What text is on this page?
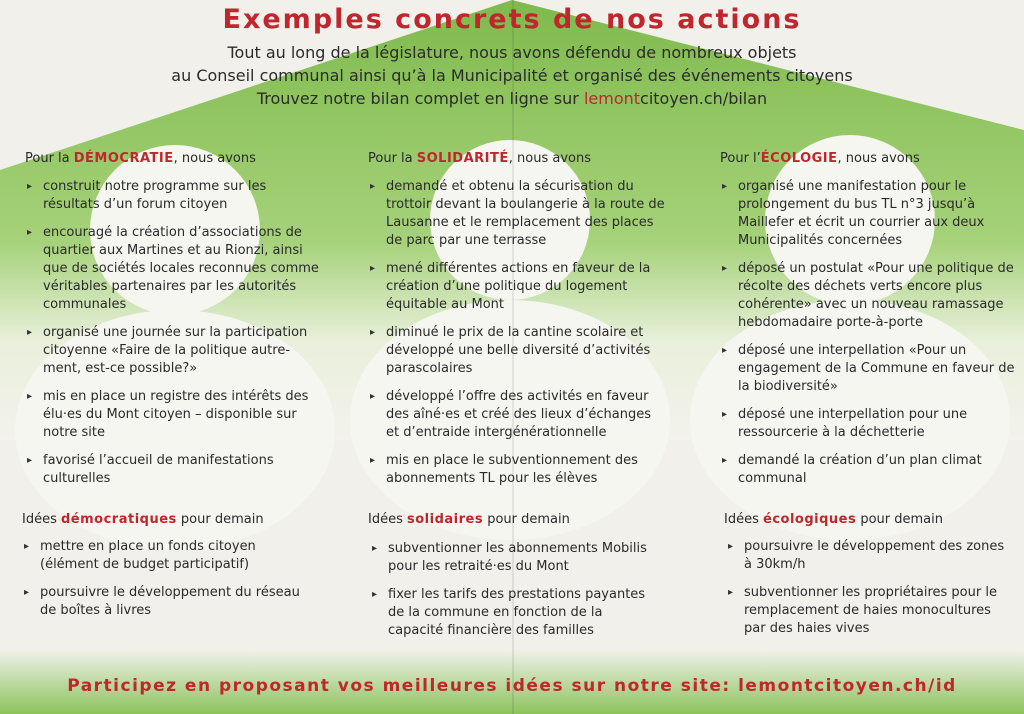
Exemples concrets de nos actions
Tout au long de la législature, nous avons défendu de nombreux objets
au Conseil communal ainsi qu’à la Municipalité et organisé des événements citoyens
Trouvez notre bilan complet en ligne sur lemontcitoyen.ch/bilan
Pour la DÉMOCRATIE, nous avons
▸ construit notre programme sur les résultats d’un forum citoyen
▸ encouragé la création d’associations de quartier aux Martines et au Rionzi, ainsi que de sociétés locales reconnues comme véritables partenaires par les autorités communales
▸ organisé une journée sur la participation citoyenne «Faire de la politique autre-ment, est-ce possible?»
▸ mis en place un registre des intérêts des élu·es du Mont citoyen – disponible sur notre site
▸ favorisé l’accueil de manifestations culturelles
Pour la SOLIDARITÉ, nous avons
▸ demandé et obtenu la sécurisation du trottoir devant la boulangerie à la route de Lausanne et le remplacement des places de parc par une terrasse
▸ mené différentes actions en faveur de la création d’une politique du logement équitable au Mont
▸ diminué le prix de la cantine scolaire et développé une belle diversité d’activités parascolaires
▸ développé l’offre des activités en faveur des aîné·es et créé des lieux d’échanges et d’entraide intergénérationnelle
▸ mis en place le subventionnement des abonnements TL pour les élèves
Pour l’ÉCOLOGIE, nous avons
▸ organisé une manifestation pour le prolongement du bus TL n°3 jusqu’à Maillefer et écrit un courrier aux deux Municipalités concernées
▸ déposé un postulat «Pour une politique de récolte des déchets verts encore plus cohérente» avec un nouveau ramassage hebdomadaire porte-à-porte
▸ déposé une interpellation «Pour un engagement de la Commune en faveur de la biodiversité»
▸ déposé une interpellation pour une ressourcerie à la déchetterie
▸ demandé la création d’un plan climat communal
Idées démocratiques pour demain	Idées solidaires pour demain	Idées écologiques pour demain
▸ mettre en place un fonds citoyen (élément de budget participatif)
▸ poursuivre le développement du réseau de boîtes à livres
▸ subventionner les abonnements Mobilis pour les retraité·es du Mont
▸ fixer les tarifs des prestations payantes de la commune en fonction de la capacité financière des familles
▸ poursuivre le développement des zones à 30km/h
▸ subventionner les propriétaires pour le remplacement de haies monocultures par des haies vives
Participez en proposant vos meilleures idées sur notre site: lemontcitoyen.ch/id
